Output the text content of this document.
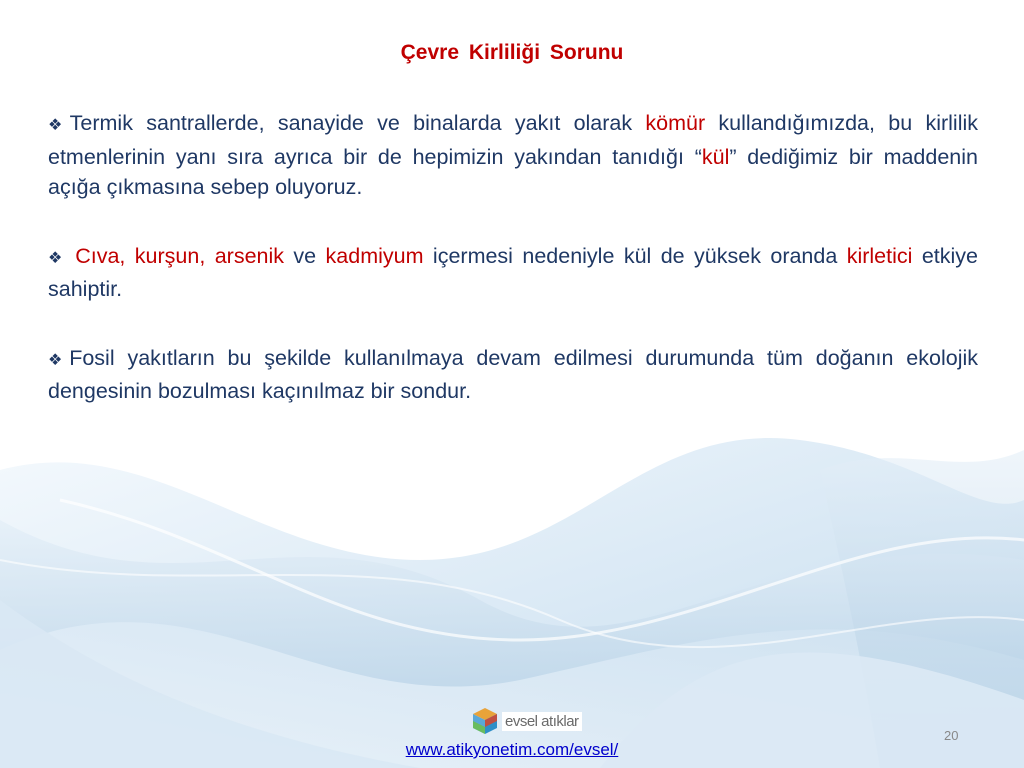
Çevre Kirliliği Sorunu

❖Termik santrallerde, sanayide ve binalarda yakıt olarak kömür kullandığımızda, bu kirlilik etmenlerinin yanı sıra ayrıca bir de hepimizin yakından tanıdığı “kül” dediğimiz bir maddenin açığa çıkmasına sebep oluyoruz.

❖ Cıva, kurşun, arsenik ve kadmiyum içermesi nedeniyle kül de yüksek oranda kirletici etkiye sahiptir.

❖Fosil yakıtların bu şekilde kullanılmaya devam edilmesi durumunda tüm doğanın ekolojik dengesinin bozulması kaçınılmaz bir sondur.

evsel atıklar
www.atikyonetim.com/evsel/
20
